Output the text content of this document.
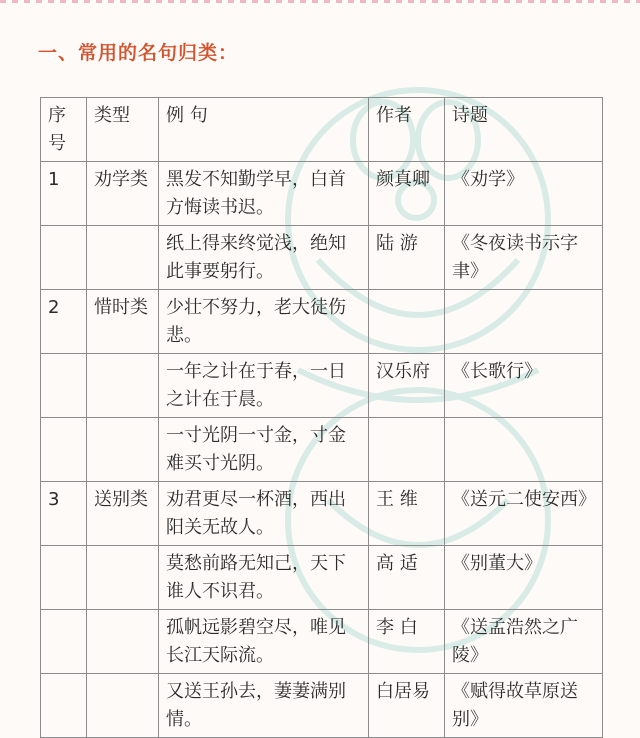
一、常用的名句归类：
序号	类型	例 句	作者	诗题
1	劝学类	黑发不知勤学早，白首方悔读书迟。	颜真卿	《劝学》
		纸上得来终觉浅，绝知此事要躬行。	陆 游	《冬夜读书示字聿》
2	惜时类	少壮不努力，老大徒伤悲。		
		一年之计在于春，一日之计在于晨。	汉乐府	《长歌行》
		一寸光阴一寸金，寸金难买寸光阴。		
3	送别类	劝君更尽一杯酒，西出阳关无故人。	王 维	《送元二使安西》
		莫愁前路无知己，天下谁人不识君。	高 适	《别董大》
		孤帆远影碧空尽，唯见长江天际流。	李 白	《送孟浩然之广陵》
		又送王孙去，萋萋满别情。	白居易	《赋得故草原送别》
